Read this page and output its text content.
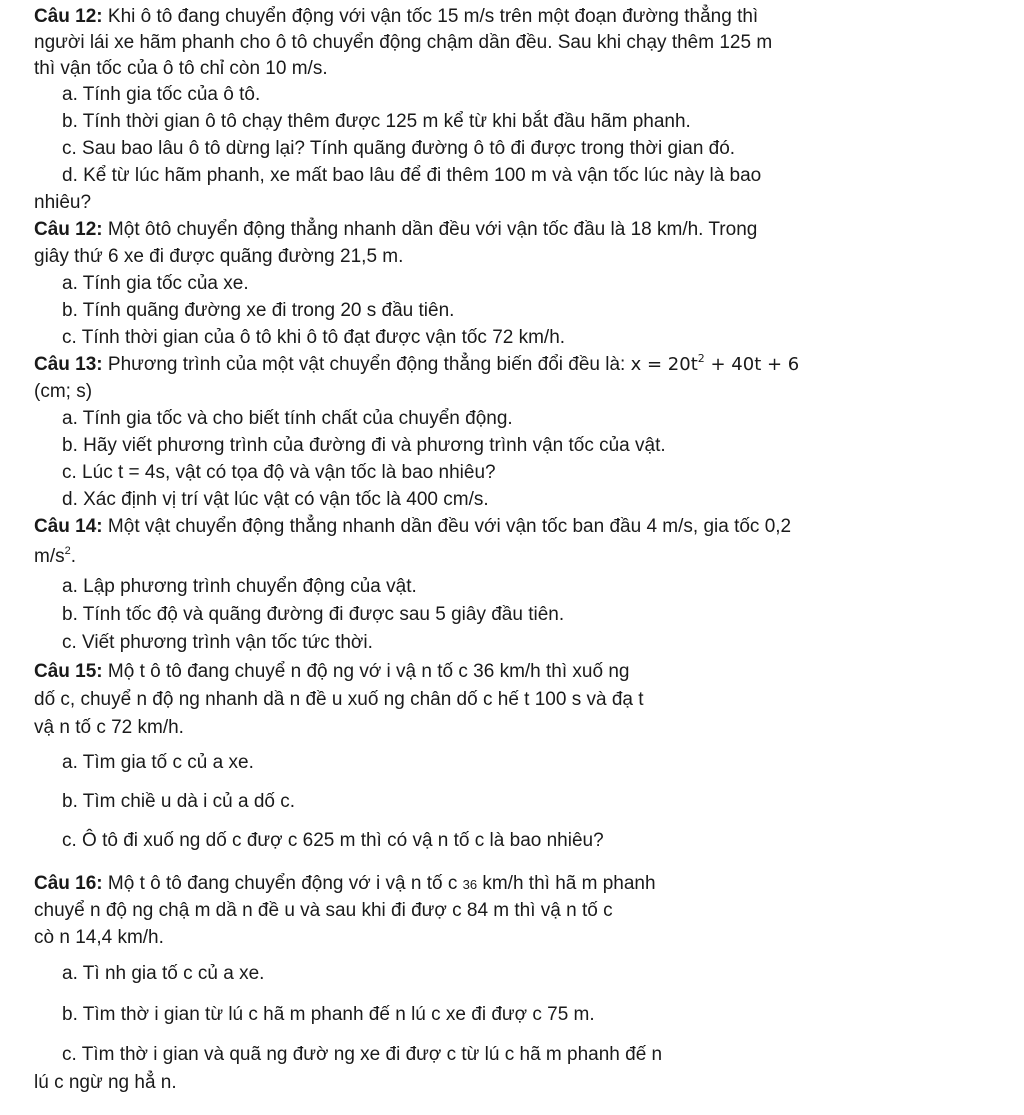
Câu 12: Khi ô tô đang chuyển động với vận tốc 15 m/s trên một đoạn đường thẳng thì
người lái xe hãm phanh cho ô tô chuyển động chậm dần đều. Sau khi chạy thêm 125 m
thì vận tốc của ô tô chỉ còn 10 m/s.
a. Tính gia tốc của ô tô.
b. Tính thời gian ô tô chạy thêm được 125 m kể từ khi bắt đầu hãm phanh.
c. Sau bao lâu ô tô dừng lại? Tính quãng đường ô tô đi được trong thời gian đó.
d. Kể từ lúc hãm phanh, xe mất bao lâu để đi thêm 100 m và vận tốc lúc này là bao
nhiêu?
Câu 12: Một ôtô chuyển động thẳng nhanh dần đều với vận tốc đầu là 18 km/h. Trong
giây thứ 6 xe đi được quãng đường 21,5 m.
a. Tính gia tốc của xe.
b. Tính quãng đường xe đi trong 20 s đầu tiên.
c. Tính thời gian của ô tô khi ô tô đạt được vận tốc 72 km/h.
Câu 13: Phương trình của một vật chuyển động thẳng biến đổi đều là: $x = 20t^2 + 40t + 6$
(cm; s)
a. Tính gia tốc và cho biết tính chất của chuyển động.
b. Hãy viết phương trình của đường đi và phương trình vận tốc của vật.
c. Lúc t = 4s, vật có tọa độ và vận tốc là bao nhiêu?
d. Xác định vị trí vật lúc vật có vận tốc là 400 cm/s.
Câu 14: Một vật chuyển động thẳng nhanh dần đều với vận tốc ban đầu 4 m/s, gia tốc 0,2
$m/s^2$.
a. Lập phương trình chuyển động của vật.
b. Tính tốc độ và quãng đường đi được sau 5 giây đầu tiên.
c. Viết phương trình vận tốc tức thời.
Câu 15: Mộ t ô tô đang chuyể n độ ng vớ i vậ n tố c 36 km/h thì xuố ng
dố c, chuyể n độ ng nhanh dầ n đề u xuố ng chân dố c hế t 100 s và đạ t
vậ n tố c 72 km/h.
a. Tìm gia tố c củ a xe.
b. Tìm chiề u dà i củ a dố c.
c. Ô tô đi xuố ng dố c đượ c 625 m thì có vậ n tố c là bao nhiêu?
Câu 16: Mộ t ô tô đang chuyển động vớ i vậ n tố c 36 km/h thì hã m phanh
chuyể n độ ng chậ m dầ n đề u và sau khi đi đượ c 84 m thì vậ n tố c
cò n 14,4 km/h.
a. Tì nh gia tố c củ a xe.
b. Tìm thờ i gian từ lú c hã m phanh đế n lú c xe đi đượ c 75 m.
c. Tìm thờ i gian và quã ng đườ ng xe đi đượ c từ lú c hã m phanh đế n
lú c ngừ ng hẳ n.
